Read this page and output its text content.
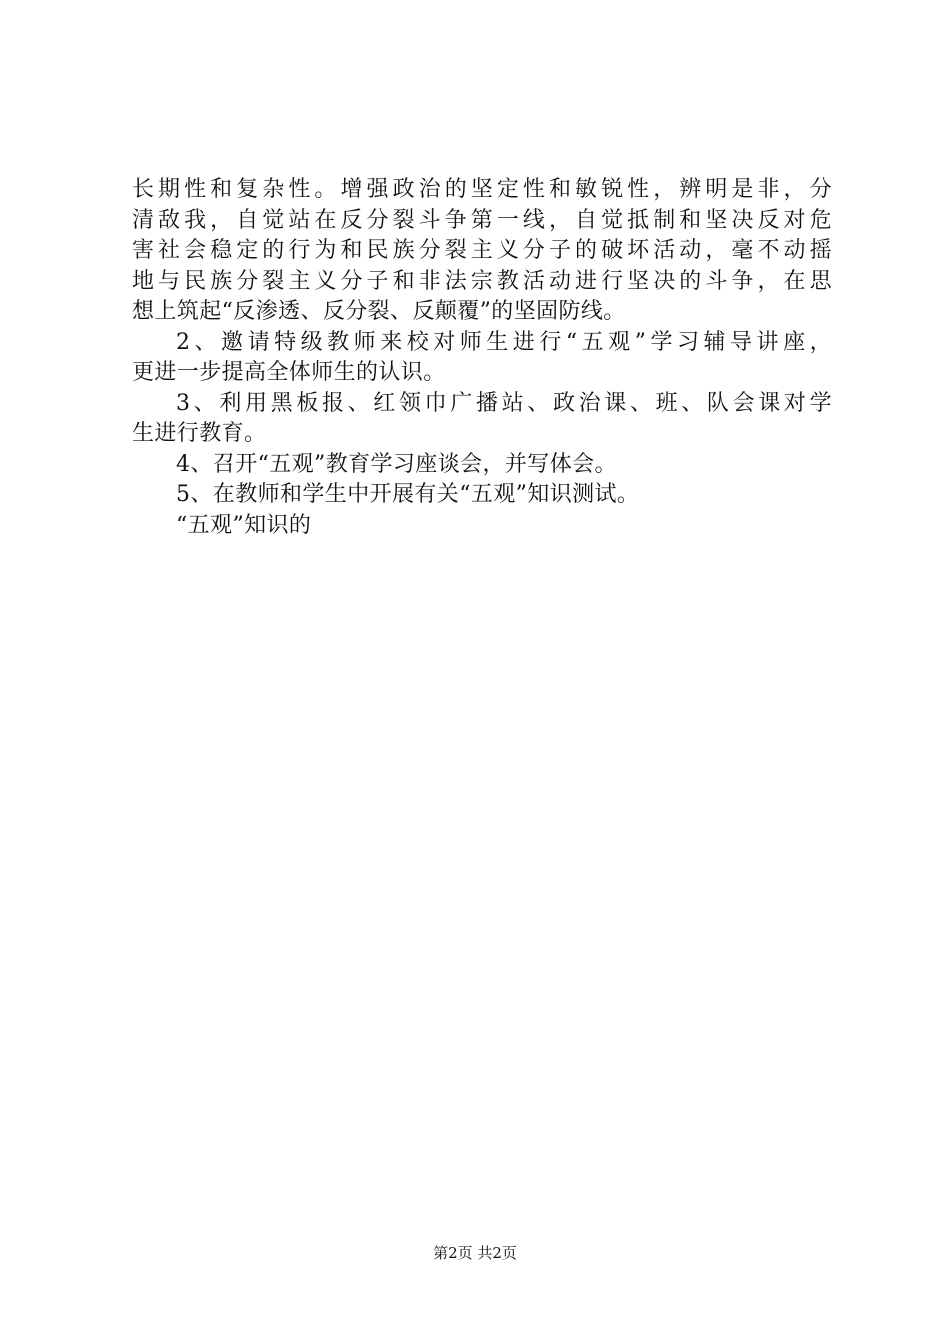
长期性和复杂性。增强政治的坚定性和敏锐性，辨明是非，分
清敌我，自觉站在反分裂斗争第一线，自觉抵制和坚决反对危
害社会稳定的行为和民族分裂主义分子的破坏活动，毫不动摇
地与民族分裂主义分子和非法宗教活动进行坚决的斗争，在思
想上筑起“反渗透、反分裂、反颠覆”的坚固防线。
2、邀请特级教师来校对师生进行“五观”学习辅导讲座，
更进一步提高全体师生的认识。
3、利用黑板报、红领巾广播站、政治课、班、队会课对学
生进行教育。
4、召开“五观”教育学习座谈会，并写体会。
5、在教师和学生中开展有关“五观”知识测试。
“五观”知识的
第2页 共2页
